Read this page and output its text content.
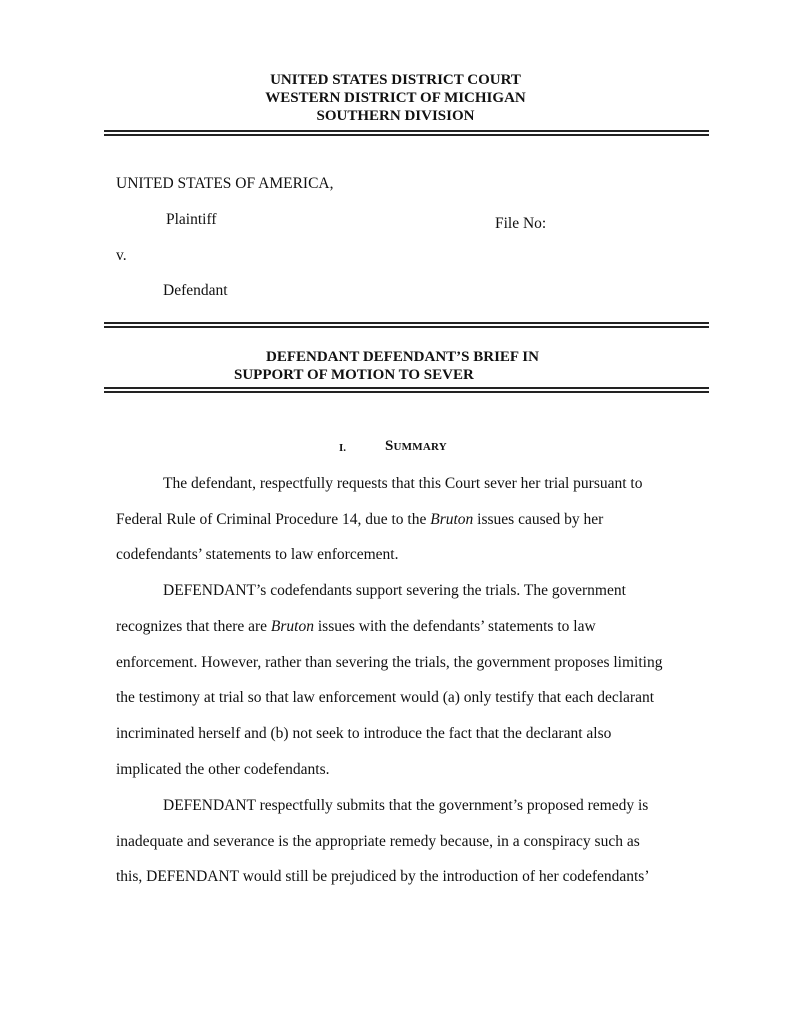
UNITED STATES DISTRICT COURT
WESTERN DISTRICT OF MICHIGAN
SOUTHERN DIVISION
UNITED STATES OF AMERICA,
Plaintiff	File No:
v.
Defendant
DEFENDANT DEFENDANT’S BRIEF IN
SUPPORT OF MOTION TO SEVER
I.	Summary
The defendant, respectfully requests that this Court sever her trial pursuant to
Federal Rule of Criminal Procedure 14, due to the Bruton issues caused by her
codefendants’ statements to law enforcement.
DEFENDANT’s codefendants support severing the trials. The government
recognizes that there are Bruton issues with the defendants’ statements to law
enforcement. However, rather than severing the trials, the government proposes limiting
the testimony at trial so that law enforcement would (a) only testify that each declarant
incriminated herself and (b) not seek to introduce the fact that the declarant also
implicated the other codefendants.
DEFENDANT respectfully submits that the government’s proposed remedy is
inadequate and severance is the appropriate remedy because, in a conspiracy such as
this, DEFENDANT would still be prejudiced by the introduction of her codefendants’
